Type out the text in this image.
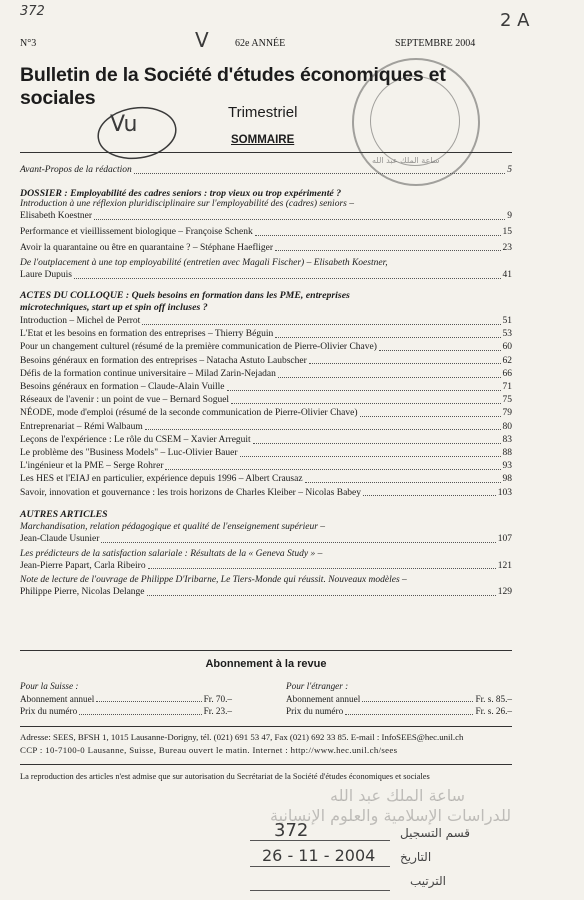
372	2 A
V
N°3	62e ANNÉE	SEPTEMBRE 2004
Bulletin de la Société d'études économiques et sociales
Trimestriel
SOMMAIRE
Vu
ساعة الملك عبد الله
Avant-Propos de la rédaction	5
DOSSIER : Employabilité des cadres seniors : trop vieux ou trop expérimenté ?
Introduction à une réflexion pluridisciplinaire sur l'employabilité des (cadres) seniors –
Elisabeth Koestner	9
Performance et vieillissement biologique – Françoise Schenk	15
Avoir la quarantaine ou être en quarantaine ? – Stéphane Haefliger	23
De l'outplacement à une top employabilité (entretien avec Magali Fischer) – Elisabeth Koestner,
Laure Dupuis	41
ACTES DU COLLOQUE : Quels besoins en formation dans les PME, entreprises
microtechniques, start up et spin off incluses ?
Introduction – Michel de Perrot	51
L'Etat et les besoins en formation des entreprises – Thierry Béguin	53
Pour un changement culturel (résumé de la première communication de Pierre-Olivier Chave)	60
Besoins généraux en formation des entreprises – Natacha Astuto Laubscher	62
Défis de la formation continue universitaire – Milad Zarin-Nejadan	66
Besoins généraux en formation – Claude-Alain Vuille	71
Réseaux de l'avenir : un point de vue – Bernard Soguel	75
NÉODE, mode d'emploi (résumé de la seconde communication de Pierre-Olivier Chave)	79
Entreprenariat – Rémi Walbaum	80
Leçons de l'expérience : Le rôle du CSEM – Xavier Arreguit	83
Le problème des "Business Models" – Luc-Olivier Bauer	88
L'ingénieur et la PME – Serge Rohrer	93
Les HES et l'EIAJ en particulier, expérience depuis 1996 – Albert Crausaz	98
Savoir, innovation et gouvernance : les trois horizons de Charles Kleiber – Nicolas Babey	103
AUTRES ARTICLES
Marchandisation, relation pédagogique et qualité de l'enseignement supérieur –
Jean-Claude Usunier	107
Les prédicteurs de la satisfaction salariale : Résultats de la « Geneva Study » –
Jean-Pierre Papart, Carla Ribeiro	121
Note de lecture de l'ouvrage de Philippe D'Iribarne, Le Tiers-Monde qui réussit. Nouveaux modèles –
Philippe Pierre, Nicolas Delange	129
Abonnement à la revue
Pour la Suisse :
Abonnement annuel	Fr. 70.–
Prix du numéro	Fr. 23.–
Pour l'étranger :
Abonnement annuel	Fr. s. 85.–
Prix du numéro	Fr. s. 26.–
Adresse: SEES, BFSH 1, 1015 Lausanne-Dorigny, tél. (021) 691 53 47, Fax (021) 692 33 85. E-mail : InfoSEES@hec.unil.ch
CCP : 10-7100-0 Lausanne, Suisse, Bureau ouvert le matin. Internet : http://www.hec.unil.ch/sees
La reproduction des articles n'est admise que sur autorisation du Secrétariat de la Société d'études économiques et sociales
ساعة الملك عبد الله
للدراسات الإسلامية والعلوم الإنسانية
قسم التسجيل
372
التاريخ
26 - 11 - 2004
الترتيب
